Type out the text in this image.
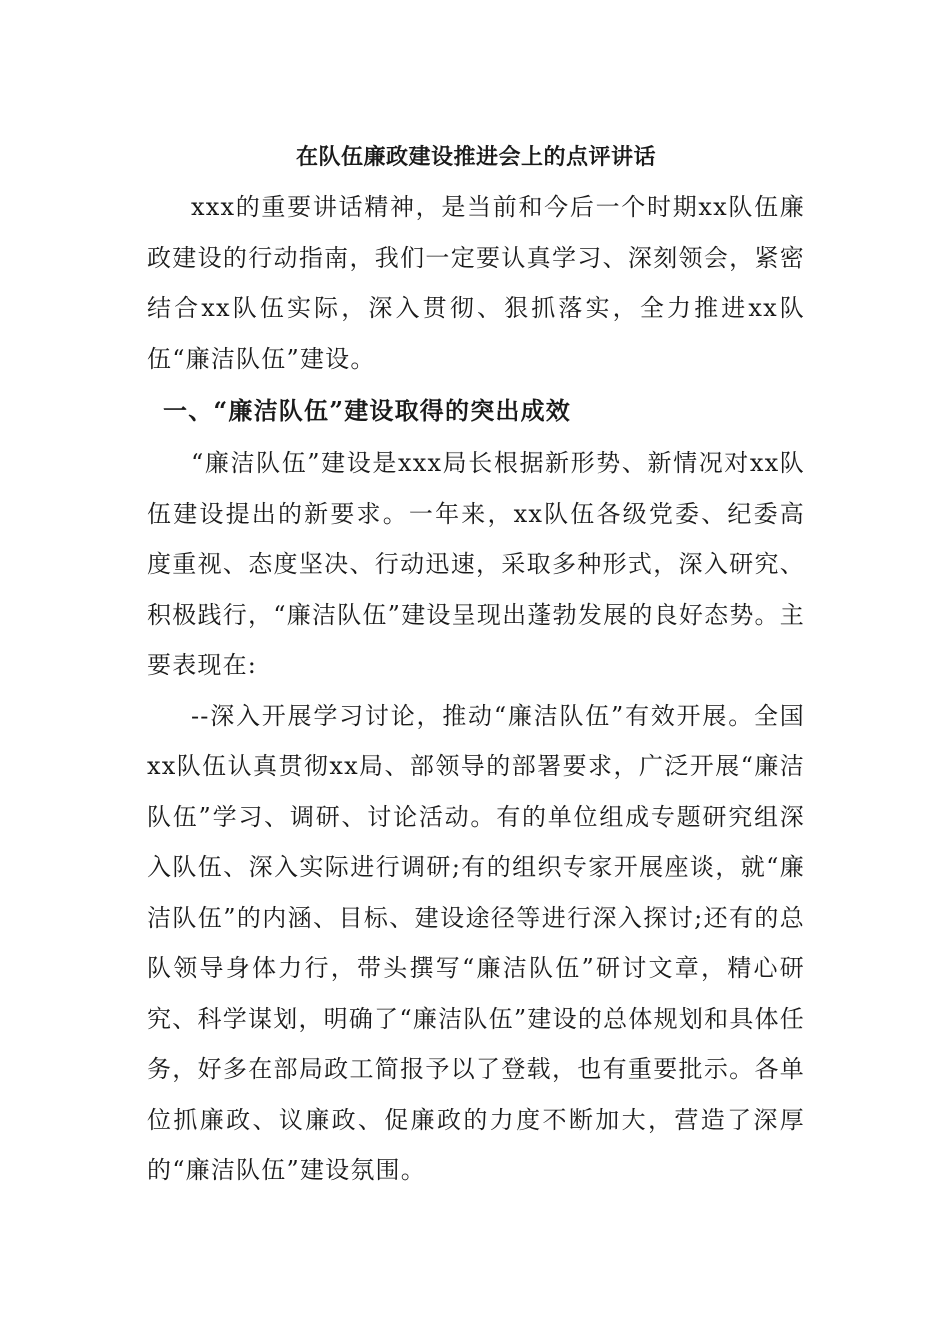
在队伍廉政建设推进会上的点评讲话

xxx的重要讲话精神，是当前和今后一个时期xx队伍廉政建设的行动指南，我们一定要认真学习、深刻领会，紧密结合xx队伍实际，深入贯彻、狠抓落实，全力推进xx队伍“廉洁队伍”建设。

一、“廉洁队伍”建设取得的突出成效

“廉洁队伍”建设是xxx局长根据新形势、新情况对xx队伍建设提出的新要求。一年来，xx队伍各级党委、纪委高度重视、态度坚决、行动迅速，采取多种形式，深入研究、积极践行，“廉洁队伍”建设呈现出蓬勃发展的良好态势。主要表现在:

--深入开展学习讨论，推动“廉洁队伍”有效开展。全国xx队伍认真贯彻xx局、部领导的部署要求，广泛开展“廉洁队伍”学习、调研、讨论活动。有的单位组成专题研究组深入队伍、深入实际进行调研;有的组织专家开展座谈，就“廉洁队伍”的内涵、目标、建设途径等进行深入探讨;还有的总队领导身体力行，带头撰写“廉洁队伍”研讨文章，精心研究、科学谋划，明确了“廉洁队伍”建设的总体规划和具体任务，好多在部局政工简报予以了登载，也有重要批示。各单位抓廉政、议廉政、促廉政的力度不断加大，营造了深厚的“廉洁队伍”建设氛围。
